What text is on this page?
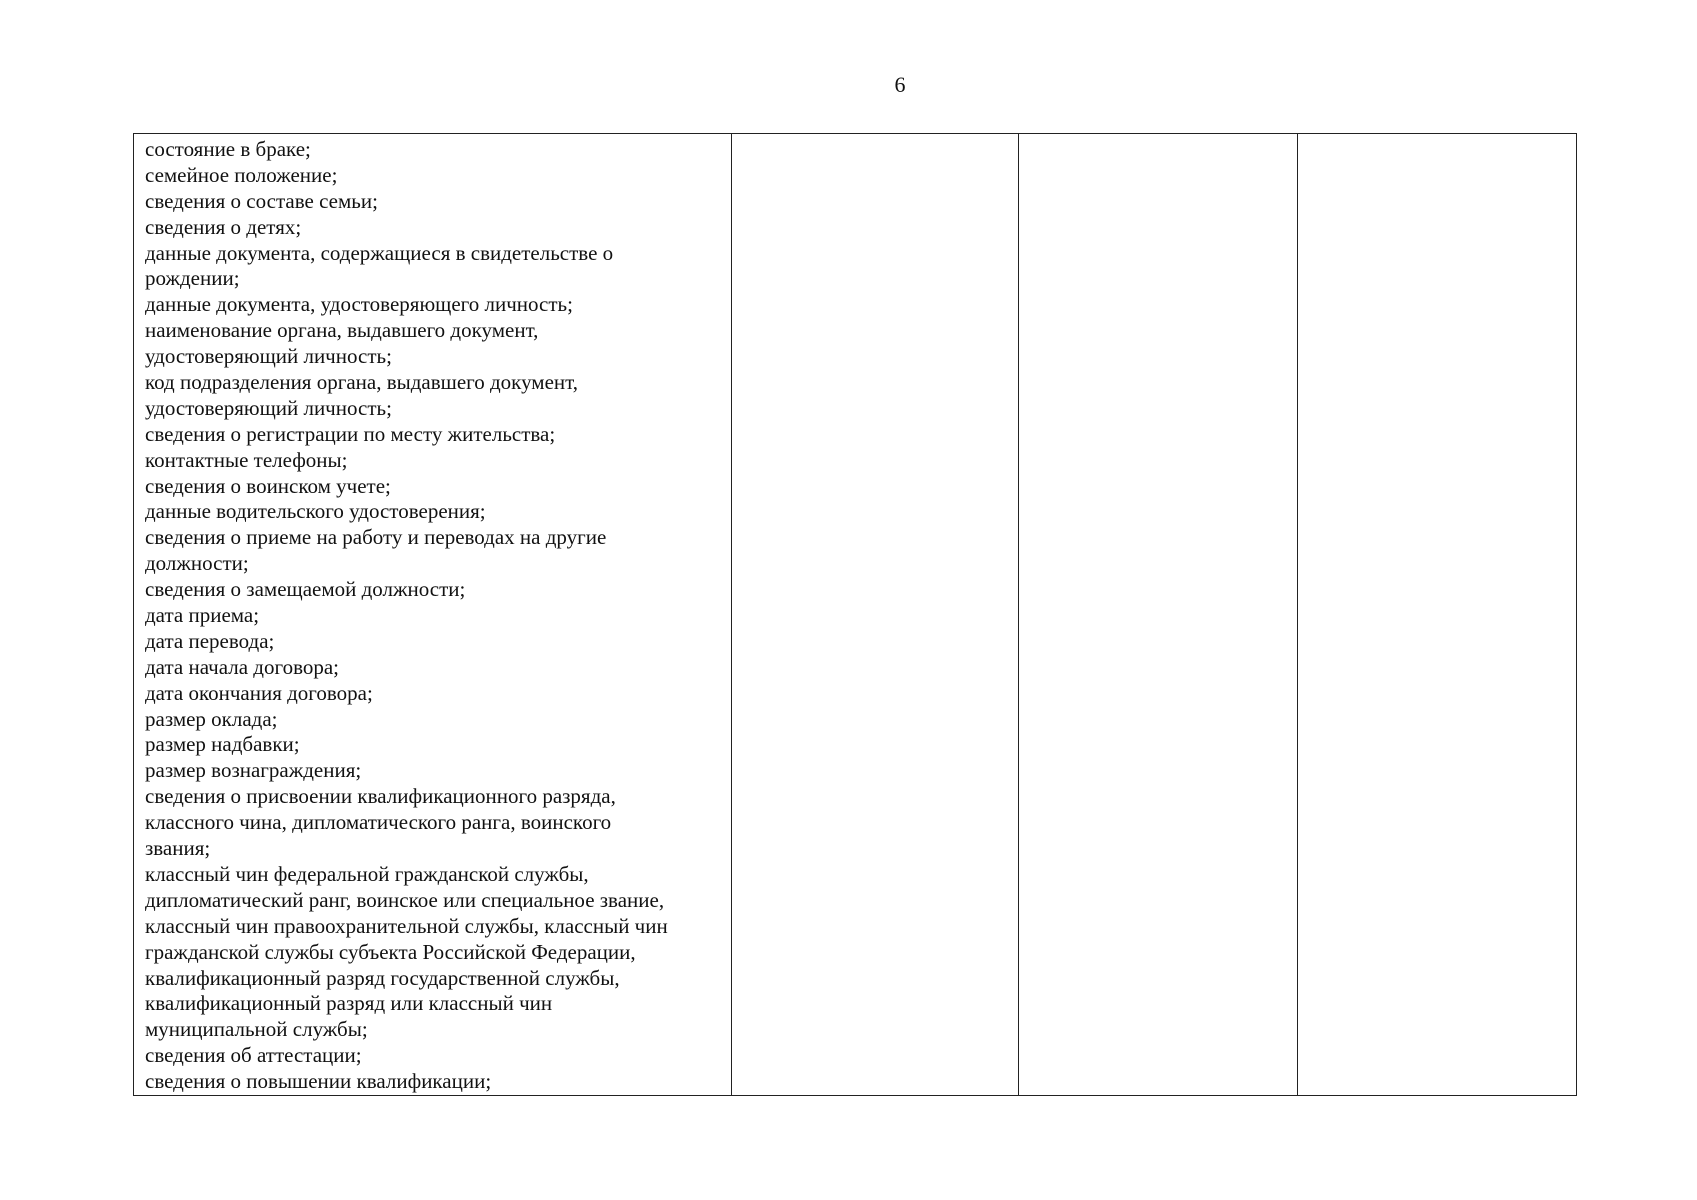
6
состояние в браке;
семейное положение;
сведения о составе семьи;
сведения о детях;
данные документа, содержащиеся в свидетельстве о
рождении;
данные документа, удостоверяющего личность;
наименование органа, выдавшего документ,
удостоверяющий личность;
код подразделения органа, выдавшего документ,
удостоверяющий личность;
сведения о регистрации по месту жительства;
контактные телефоны;
сведения о воинском учете;
данные водительского удостоверения;
сведения о приеме на работу и переводах на другие
должности;
сведения о замещаемой должности;
дата приема;
дата перевода;
дата начала договора;
дата окончания договора;
размер оклада;
размер надбавки;
размер вознаграждения;
сведения о присвоении квалификационного разряда,
классного чина, дипломатического ранга, воинского
звания;
классный чин федеральной гражданской службы,
дипломатический ранг, воинское или специальное звание,
классный чин правоохранительной службы, классный чин
гражданской службы субъекта Российской Федерации,
квалификационный разряд государственной службы,
квалификационный разряд или классный чин
муниципальной службы;
сведения об аттестации;
сведения о повышении квалификации;
